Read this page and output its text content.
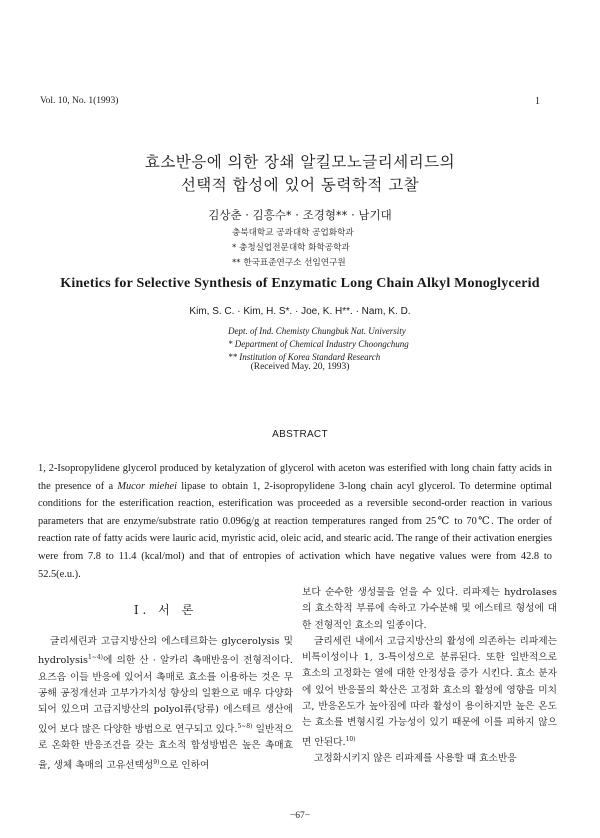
Vol. 10, No. 1(1993)	1
효소반응에 의한 장쇄 알킬모노글리세리드의
선택적 합성에 있어 동력학적 고찰
김상춘 · 김흥수* · 조경형** · 남기대
충북대학교 공과대학 공업화학과
* 충청실업전문대학 화학공학과
** 한국표준연구소 선임연구원
Kinetics for Selective Synthesis of Enzymatic Long Chain Alkyl Monoglycerid
Kim, S. C. · Kim, H. S*. · Joe, K. H**. · Nam, K. D.
Dept. of Ind. Chemisty Chungbuk Nat. University
* Department of Chemical Industry Choongchung
** Institution of Korea Standard Research
(Received May. 20, 1993)
ABSTRACT
1, 2-Isopropylidene glycerol produced by ketalyzation of glycerol with aceton was esterified with long chain fatty acids in the presence of a Mucor miehei lipase to obtain 1, 2-isopropylidene 3-long chain acyl glycerol. To determine optimal conditions for the esterification reaction, esterification was proceeded as a reversible second-order reaction in various parameters that are enzyme/substrate ratio 0.096g/g at reaction temperatures ranged from 25℃ to 70℃. The order of reaction rate of fatty acids were lauric acid, myristic acid, oleic acid, and stearic acid. The range of their activation energies were from 7.8 to 11.4 (kcal/mol) and that of entropies of activation which have negative values were from 42.8 to 52.5(e.u.).
I. 서 론

글리세린과 고급지방산의 에스테르화는 glycerolysis 및 hydrolysis$^{1\sim 4)}$에 의한 산 · 알카리 촉매반응이 전형적이다. 요즈음 이들 반응에 있어서 촉매로 효소를 이용하는 것은 무공해 공정개선과 고부가가치성 향상의 일환으로 매우 다양화되어 있으며 고급지방산의 polyol류(당류) 에스테르 생산에 있어 보다 많은 다양한 방법으로 연구되고 있다.$^{5\sim 8)}$ 일반적으로 온화한 반응조건을 갖는 효소적 합성방법은 높은 촉매효율, 생체 촉매의 고유선택성$^{9)}$으로 인하여

보다 순수한 생성물을 얻을 수 있다. 리파제는 hydrolases의 효소학적 부류에 속하고 가수분해 및 에스테르 형성에 대한 전형적인 효소의 일종이다.

글리세린 내에서 고급지방산의 활성에 의존하는 리파제는 비특이성이나 1, 3-특이성으로 분류된다. 또한 일반적으로 효소의 고정화는 열에 대한 안정성을 증가 시킨다. 효소 분자에 있어 반응물의 확산은 고정화 효소의 활성에 영향을 미치고, 반응온도가 높아짐에 따라 활성이 용이하지만 높은 온도는 효소를 변형시킬 가능성이 있기 때문에 이를 피하지 않으면 안된다.$^{10)}$

고정화시키지 않은 리파제를 사용할 때 효소반응

−67−
